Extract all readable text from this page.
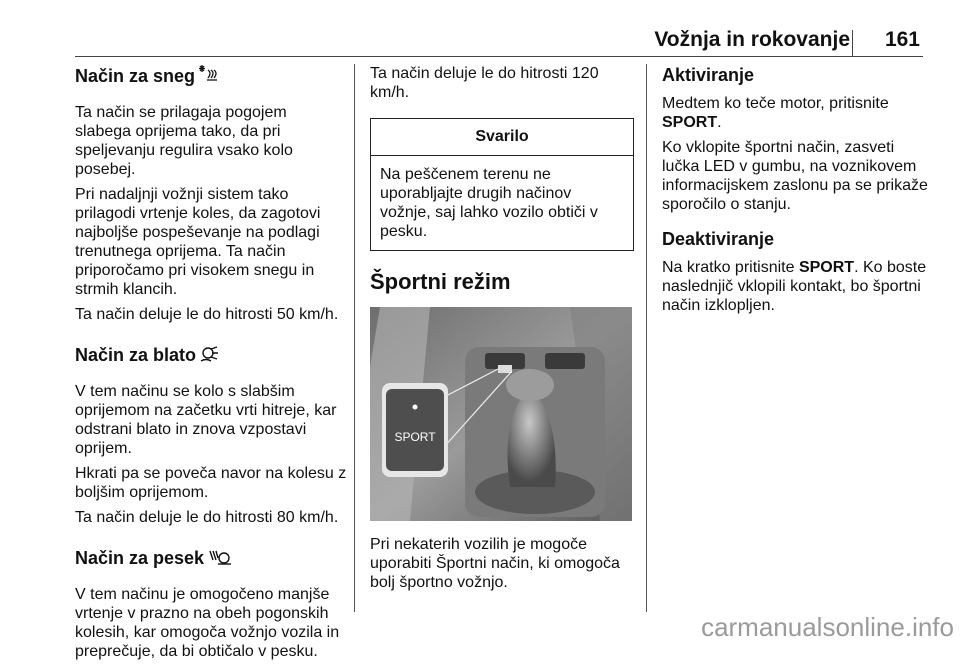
Vožnja in rokovanje	161
Način za sneg

Ta način se prilagaja pogojem slabega oprijema tako, da pri speljevanju regulira vsako kolo posebej.

Pri nadaljnji vožnji sistem tako prilagodi vrtenje koles, da zagotovi najboljše pospeševanje na podlagi trenutnega oprijema. Ta način priporočamo pri visokem snegu in strmih klancih.

Ta način deluje le do hitrosti 50 km/h.

Način za blato

V tem načinu se kolo s slabšim oprijemom na začetku vrti hitreje, kar odstrani blato in znova vzpostavi oprijem.

Hkrati pa se poveča navor na kolesu z boljšim oprijemom.

Ta način deluje le do hitrosti 80 km/h.

Način za pesek

V tem načinu je omogočeno manjše vrtenje v prazno na obeh pogonskih kolesih, kar omogoča vožnjo vozila in preprečuje, da bi obtičalo v pesku.

Ta način deluje le do hitrosti 120 km/h.

Svarilo
Na peščenem terenu ne uporabljajte drugih načinov vožnje, saj lahko vozilo obtiči v pesku.
Športni režim
SPORT

Pri nekaterih vozilih je mogoče uporabiti Športni način, ki omogoča bolj športno vožnjo.

Aktiviranje

Medtem ko teče motor, pritisnite SPORT.

Ko vklopite športni način, zasveti lučka LED v gumbu, na voznikovem informacijskem zaslonu pa se prikaže sporočilo o stanju.

Deaktiviranje

Na kratko pritisnite SPORT. Ko boste naslednjič vklopili kontakt, bo športni način izklopljen.

carmanualsonline.info
